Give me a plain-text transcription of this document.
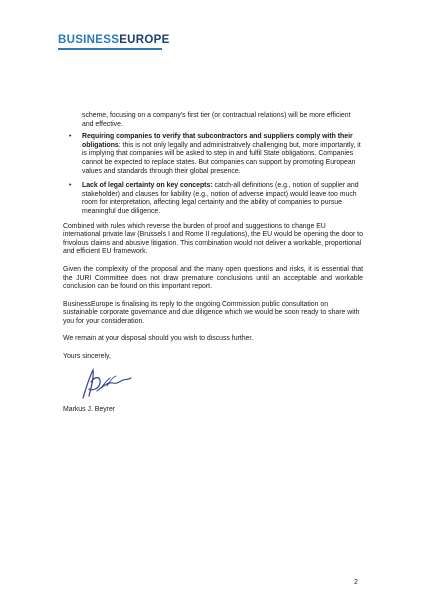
BUSINESSEUROPE

scheme, focusing on a company's first tier (or contractual relations) will be more efficient and effective.

• Requiring companies to verify that subcontractors and suppliers comply with their obligations: this is not only legally and administratively challenging but, more importantly, it is implying that companies will be asked to step in and fulfil State obligations. Companies cannot be expected to replace states. But companies can support by promoting European values and standards through their global presence.
• Lack of legal certainty on key concepts: catch-all definitions (e.g., notion of supplier and stakeholder) and clauses for liability (e.g., notion of adverse impact) would leave too much room for interpretation, affecting legal certainty and the ability of companies to pursue meaningful due diligence.

Combined with rules which reverse the burden of proof and suggestions to change EU international private law (Brussels I and Rome II regulations), the EU would be opening the door to frivolous claims and abusive litigation. This combination would not deliver a workable, proportional and efficient EU framework.

Given the complexity of the proposal and the many open questions and risks, it is essential that the JURI Committee does not draw premature conclusions until an acceptable and workable conclusion can be found on this important report.

BusinessEurope is finalising its reply to the ongoing Commission public consultation on sustainable corporate governance and due diligence which we would be soon ready to share with you for your consideration.

We remain at your disposal should you wish to discuss further.

Yours sincerely,

Markus J. Beyrer

2
